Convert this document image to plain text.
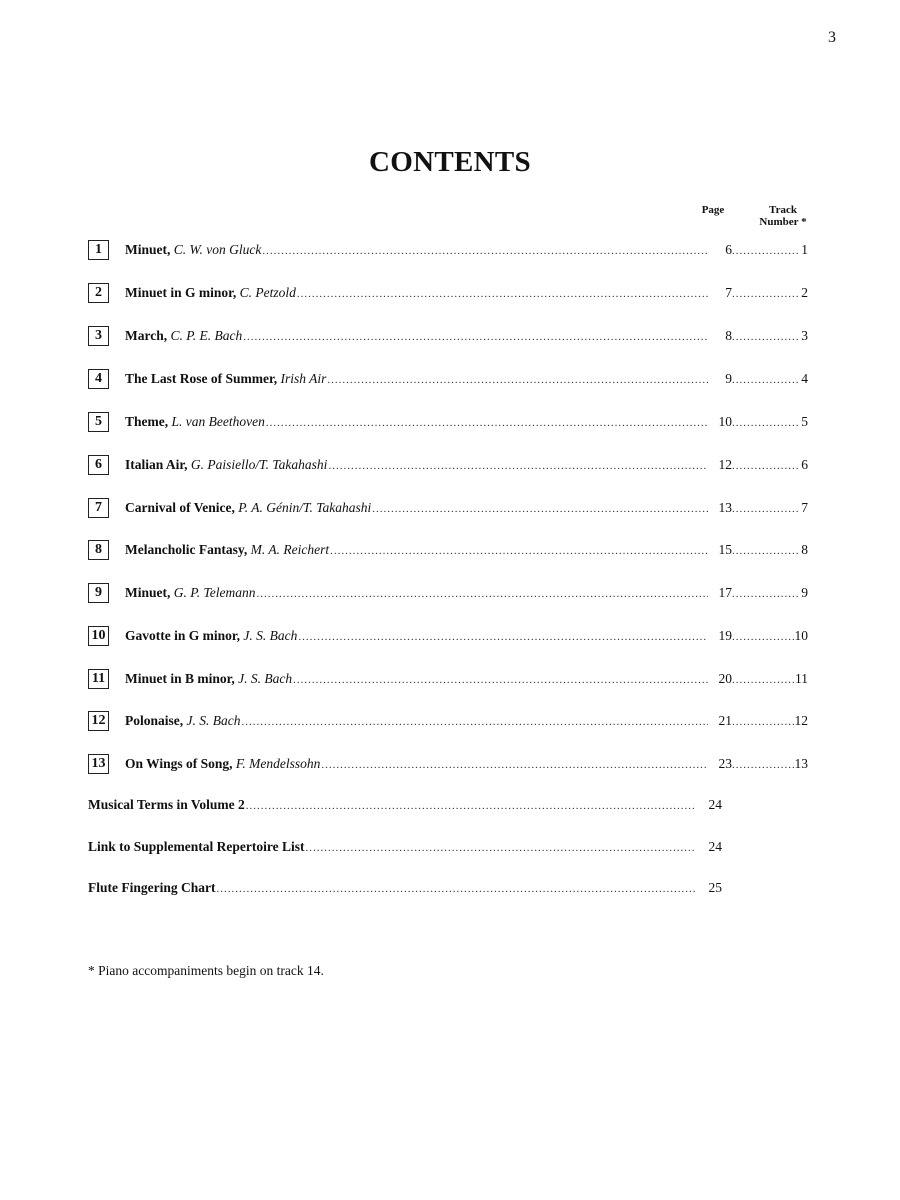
3
CONTENTS
Page	Track
Number *
1	Minuet, C. W. von Gluck .....	6 .....	1
2	Minuet in G minor, C. Petzold .....	7 .....	2
3	March, C. P. E. Bach .....	8 .....	3
4	The Last Rose of Summer, Irish Air .....	9 .....	4
5	Theme, L. van Beethoven .....	10 .....	5
6	Italian Air, G. Paisiello/T. Takahashi .....	12 .....	6
7	Carnival of Venice, P. A. Génin/T. Takahashi .....	13 .....	7
8	Melancholic Fantasy, M. A. Reichert .....	15 .....	8
9	Minuet, G. P. Telemann .....	17 .....	9
10 Gavotte in G minor, J. S. Bach .....	19 .....	10
11 Minuet in B minor, J. S. Bach .....	20 .....	11
12 Polonaise, J. S. Bach .....	21 .....	12
13 On Wings of Song, F. Mendelssohn .....	23 .....	13
Musical Terms in Volume 2 .....	24
Link to Supplemental Repertoire List .....	24
Flute Fingering Chart .....	25
* Piano accompaniments begin on track 14.
